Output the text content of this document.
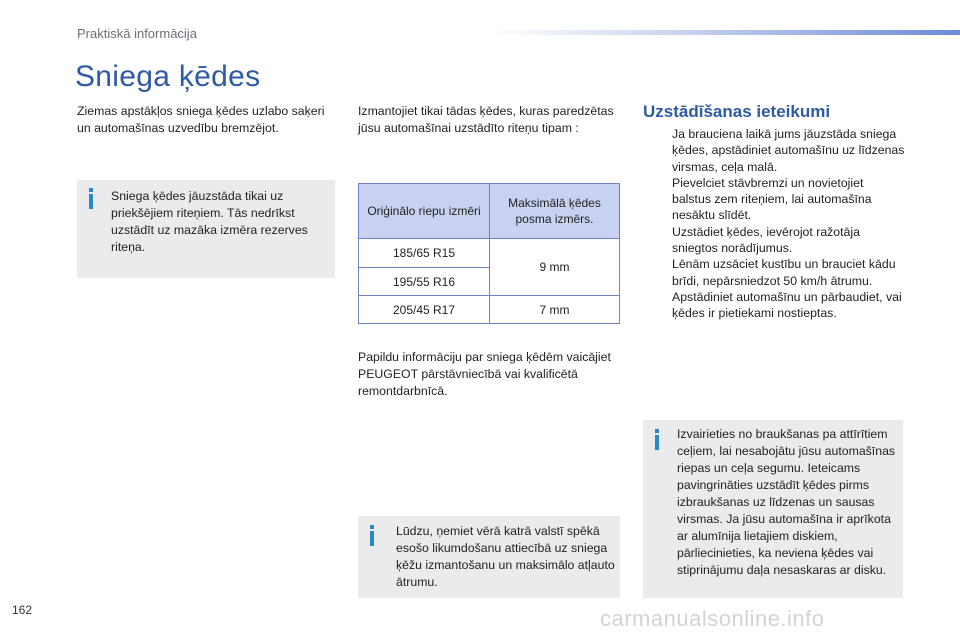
Praktiskā informācija
Sniega ķēdes
Ziemas apstākļos sniega ķēdes uzlabo saķeri un automašīnas uzvedību bremzējot.
Sniega ķēdes jāuzstāda tikai uz priekšējiem riteņiem. Tās nedrīkst uzstādīt uz mazāka izmēra rezerves riteņa.
Izmantojiet tikai tādas ķēdes, kuras paredzētas jūsu automašīnai uzstādīto riteņu tipam :
Oriģinālo riepu izmēri	Maksimālā ķēdes posma izmērs.
185/65 R15	9 mm
195/55 R16	
205/45 R17	7 mm
Papildu informāciju par sniega ķēdēm vaicājiet PEUGEOT pārstāvniecībā vai kvalificētā remontdarbnīcā.
Lūdzu, ņemiet vērā katrā valstī spēkā esošo likumdošanu attiecībā uz sniega ķēžu izmantošanu un maksimālo atļauto ātrumu.
Uzstādīšanas ieteikumi
Ja brauciena laikā jums jāuzstāda sniega ķēdes, apstādiniet automašīnu uz līdzenas virsmas, ceļa malā.
Pievelciet stāvbremzi un novietojiet balstus zem riteņiem, lai automašīna nesāktu slīdēt.
Uzstādiet ķēdes, ievērojot ražotāja sniegtos norādījumus.
Lēnām uzsāciet kustību un brauciet kādu brīdi, nepārsniedzot 50 km/h ātrumu.
Apstādiniet automašīnu un pārbaudiet, vai ķēdes ir pietiekami nostieptas.
Izvairieties no braukšanas pa attīrītiem ceļiem, lai nesabojātu jūsu automašīnas riepas un ceļa segumu. Ieteicams pavingrināties uzstādīt ķēdes pirms izbraukšanas uz līdzenas un sausas virsmas. Ja jūsu automašīna ir aprīkota ar alumīnija lietajiem diskiem, pārliecinieties, ka neviena ķēdes vai stiprinājumu daļa nesaskaras ar disku.
162	carmanualsonline.info
